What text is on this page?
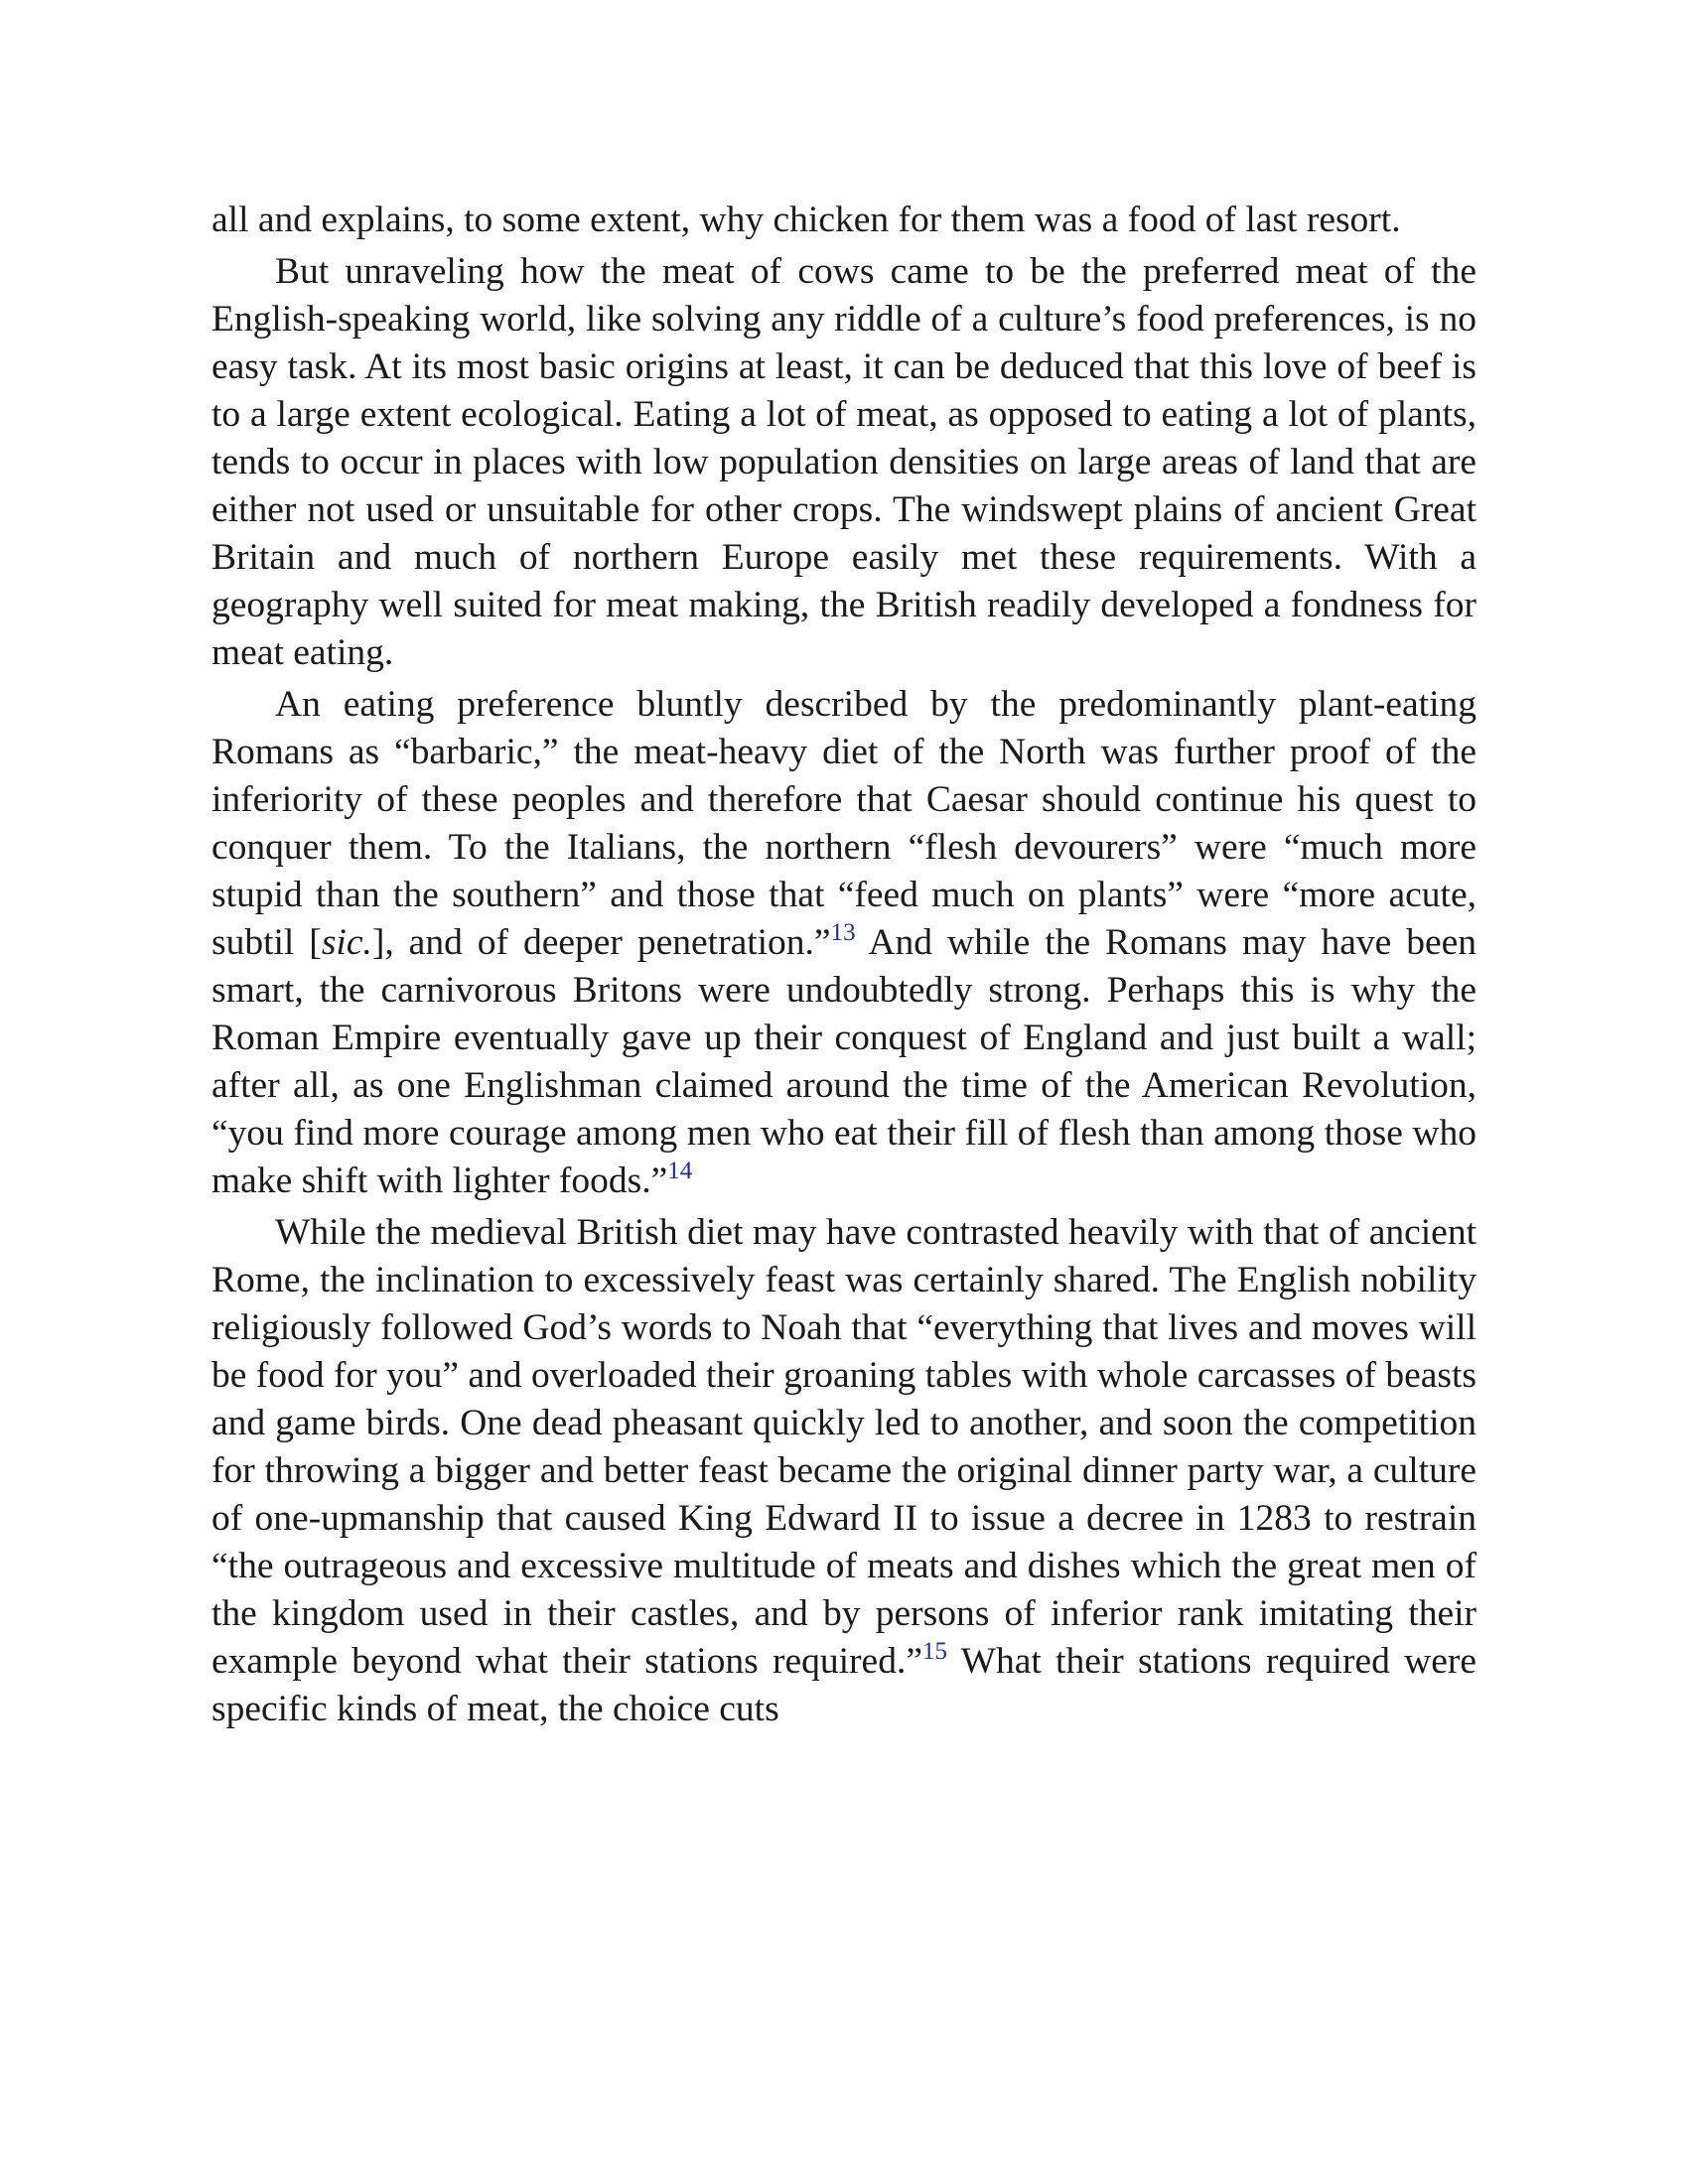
all and explains, to some extent, why chicken for them was a food of last resort.

But unraveling how the meat of cows came to be the preferred meat of the English-speaking world, like solving any riddle of a culture’s food preferences, is no easy task. At its most basic origins at least, it can be deduced that this love of beef is to a large extent ecological. Eating a lot of meat, as opposed to eating a lot of plants, tends to occur in places with low population densities on large areas of land that are either not used or unsuitable for other crops. The windswept plains of ancient Great Britain and much of northern Europe easily met these requirements. With a geography well suited for meat making, the British readily developed a fondness for meat eating.

An eating preference bluntly described by the predominantly plant-eating Romans as “barbaric,” the meat-heavy diet of the North was further proof of the inferiority of these peoples and therefore that Caesar should continue his quest to conquer them. To the Italians, the northern “flesh devourers” were “much more stupid than the southern” and those that “feed much on plants” were “more acute, subtil [sic.], and of deeper penetration.”$^{13}$ And while the Romans may have been smart, the carnivorous Britons were undoubtedly strong. Perhaps this is why the Roman Empire eventually gave up their conquest of England and just built a wall; after all, as one Englishman claimed around the time of the American Revolution, “you find more courage among men who eat their fill of flesh than among those who make shift with lighter foods.”$^{14}$

While the medieval British diet may have contrasted heavily with that of ancient Rome, the inclination to excessively feast was certainly shared. The English nobility religiously followed God’s words to Noah that “everything that lives and moves will be food for you” and overloaded their groaning tables with whole carcasses of beasts and game birds. One dead pheasant quickly led to another, and soon the competition for throwing a bigger and better feast became the original dinner party war, a culture of one-upmanship that caused King Edward II to issue a decree in 1283 to restrain “the outrageous and excessive multitude of meats and dishes which the great men of the kingdom used in their castles, and by persons of inferior rank imitating their example beyond what their stations required.”$^{15}$ What their stations required were specific kinds of meat, the choice cuts
